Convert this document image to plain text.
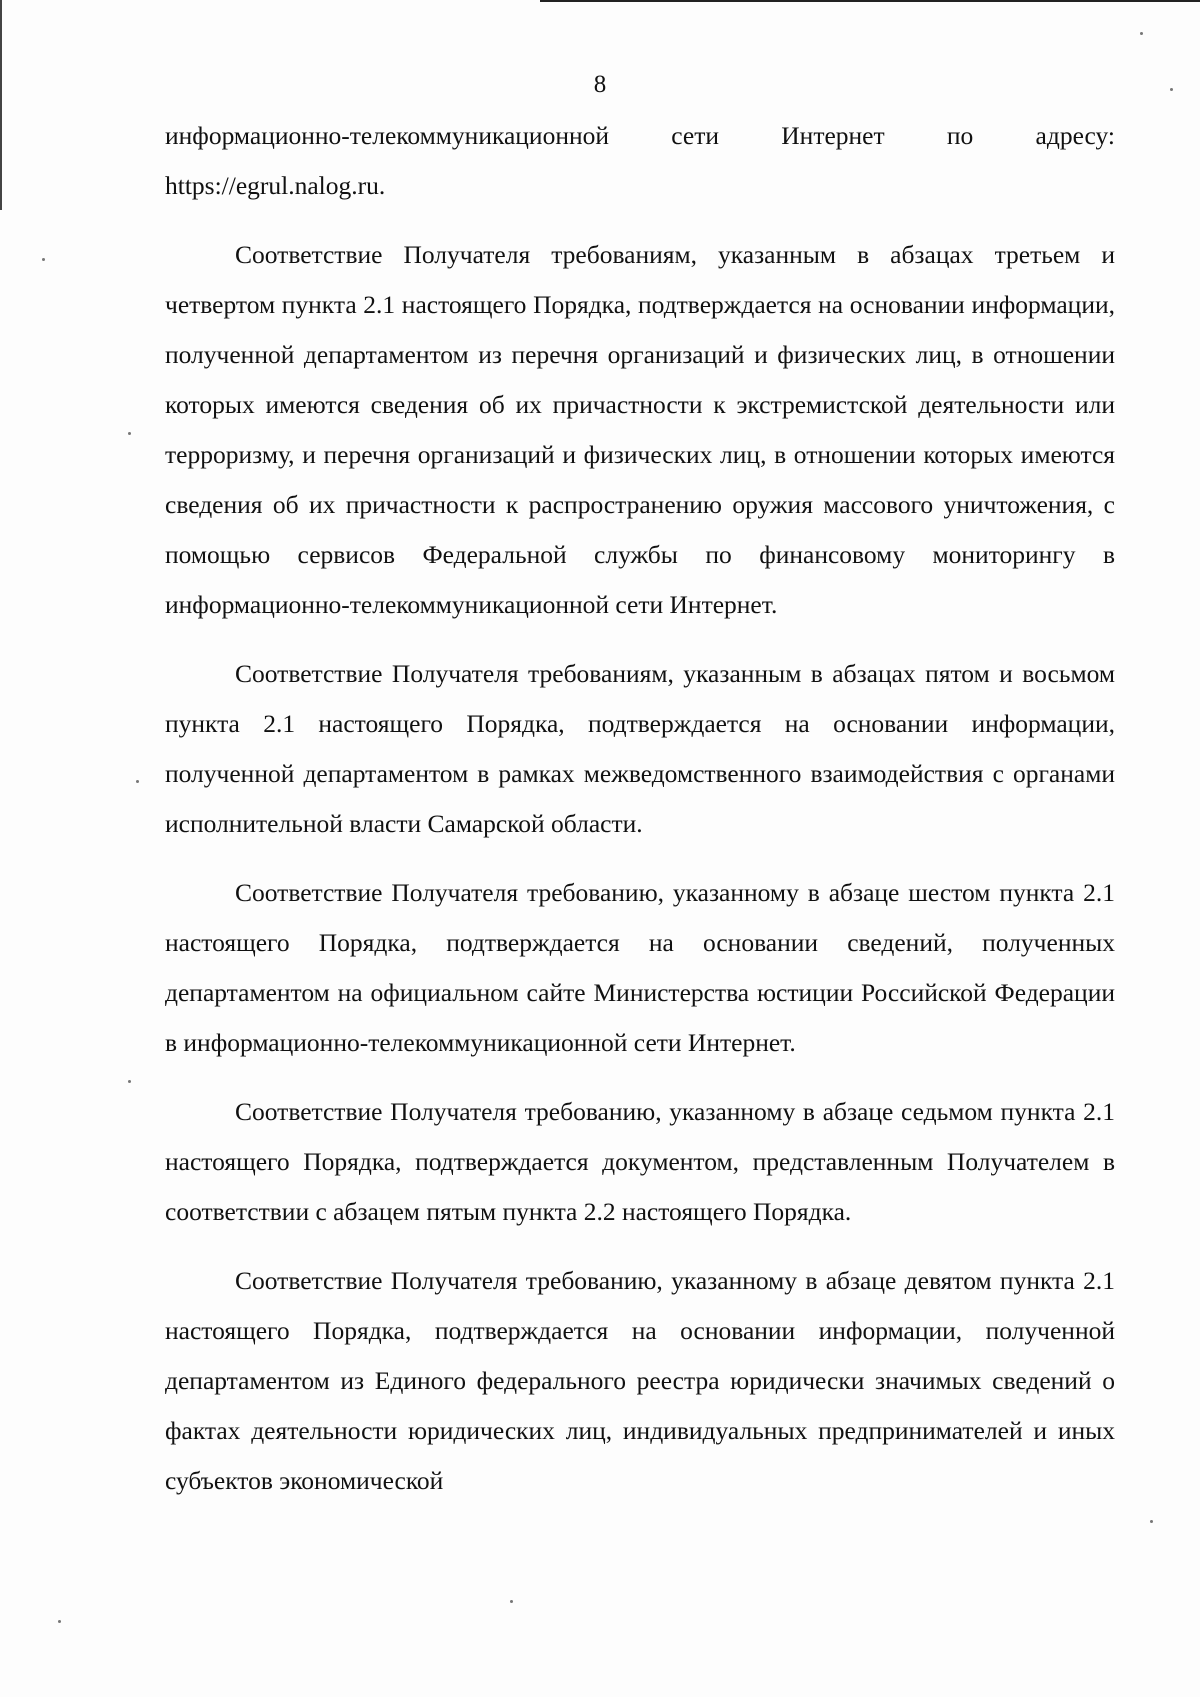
8

информационно-телекоммуникационной сети Интернет по адресу: https://egrul.nalog.ru.

Соответствие Получателя требованиям, указанным в абзацах третьем и четвертом пункта 2.1 настоящего Порядка, подтверждается на основании информации, полученной департаментом из перечня организаций и физических лиц, в отношении которых имеются сведения об их причастности к экстремистской деятельности или терроризму, и перечня организаций и физических лиц, в отношении которых имеются сведения об их причастности к распространению оружия массового уничтожения, с помощью сервисов Федеральной службы по финансовому мониторингу в информационно-телекоммуникационной сети Интернет.

Соответствие Получателя требованиям, указанным в абзацах пятом и восьмом пункта 2.1 настоящего Порядка, подтверждается на основании информации, полученной департаментом в рамках межведомственного взаимодействия с органами исполнительной власти Самарской области.

Соответствие Получателя требованию, указанному в абзаце шестом пункта 2.1 настоящего Порядка, подтверждается на основании сведений, полученных департаментом на официальном сайте Министерства юстиции Российской Федерации в информационно-телекоммуникационной сети Интернет.

Соответствие Получателя требованию, указанному в абзаце седьмом пункта 2.1 настоящего Порядка, подтверждается документом, представленным Получателем в соответствии с абзацем пятым пункта 2.2 настоящего Порядка.

Соответствие Получателя требованию, указанному в абзаце девятом пункта 2.1 настоящего Порядка, подтверждается на основании информации, полученной департаментом из Единого федерального реестра юридически значимых сведений о фактах деятельности юридических лиц, индивидуальных предпринимателей и иных субъектов экономической
